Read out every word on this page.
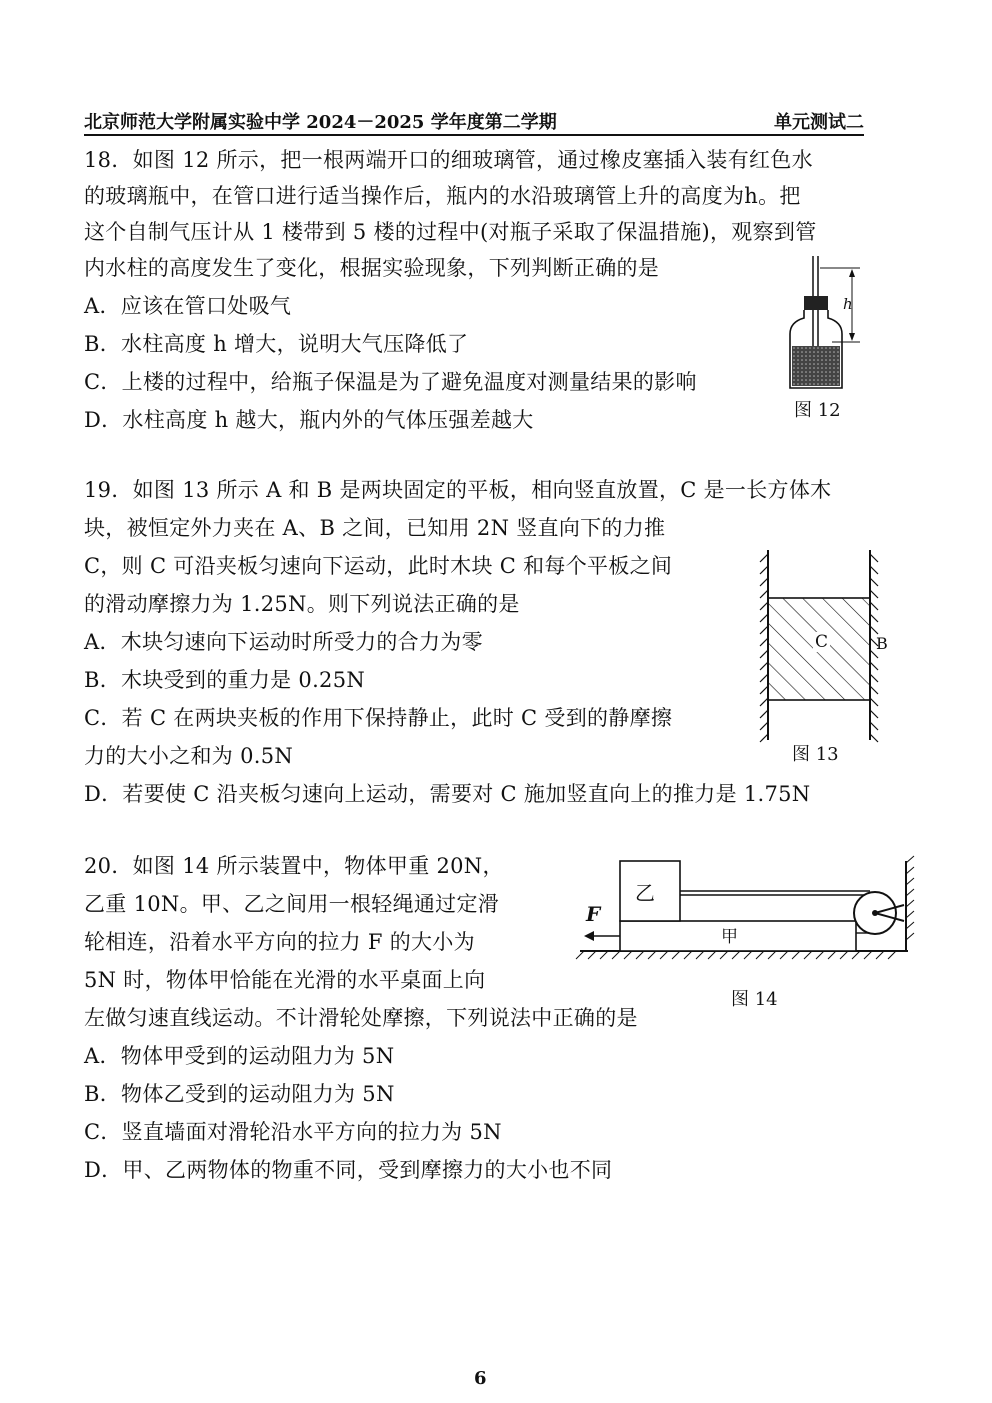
北京师范大学附属实验中学 2024－2025 学年度第二学期	单元测试二
18．如图 12 所示，把一根两端开口的细玻璃管，通过橡皮塞插入装有红色水
的玻璃瓶中，在管口进行适当操作后，瓶内的水沿玻璃管上升的高度为h。把
这个自制气压计从 1 楼带到 5 楼的过程中(对瓶子采取了保温措施)，观察到管
内水柱的高度发生了变化，根据实验现象，下列判断正确的是
A．应该在管口处吸气
B．水柱高度 h 增大，说明大气压降低了
C．上楼的过程中，给瓶子保温是为了避免温度对测量结果的影响
D．水柱高度 h 越大，瓶内外的气体压强差越大
h
图 12
19．如图 13 所示 A 和 B 是两块固定的平板，相向竖直放置，C 是一长方体木
块，被恒定外力夹在 A、B 之间，已知用 2N 竖直向下的力推
C，则 C 可沿夹板匀速向下运动，此时木块 C 和每个平板之间
的滑动摩擦力为 1.25N。则下列说法正确的是
A．木块匀速向下运动时所受力的合力为零
B．木块受到的重力是 0.25N
C．若 C 在两块夹板的作用下保持静止，此时 C 受到的静摩擦
力的大小之和为 0.5N
D．若要使 C 沿夹板匀速向上运动，需要对 C 施加竖直向上的推力是 1.75N
C	B
图 13
20．如图 14 所示装置中，物体甲重 20N，
乙重 10N。甲、乙之间用一根轻绳通过定滑
轮相连，沿着水平方向的拉力 F 的大小为
5N 时，物体甲恰能在光滑的水平桌面上向
左做匀速直线运动。不计滑轮处摩擦，下列说法中正确的是
A．物体甲受到的运动阻力为 5N
B．物体乙受到的运动阻力为 5N
C．竖直墙面对滑轮沿水平方向的拉力为 5N
D．甲、乙两物体的物重不同，受到摩擦力的大小也不同
乙
甲
F
图 14
6
